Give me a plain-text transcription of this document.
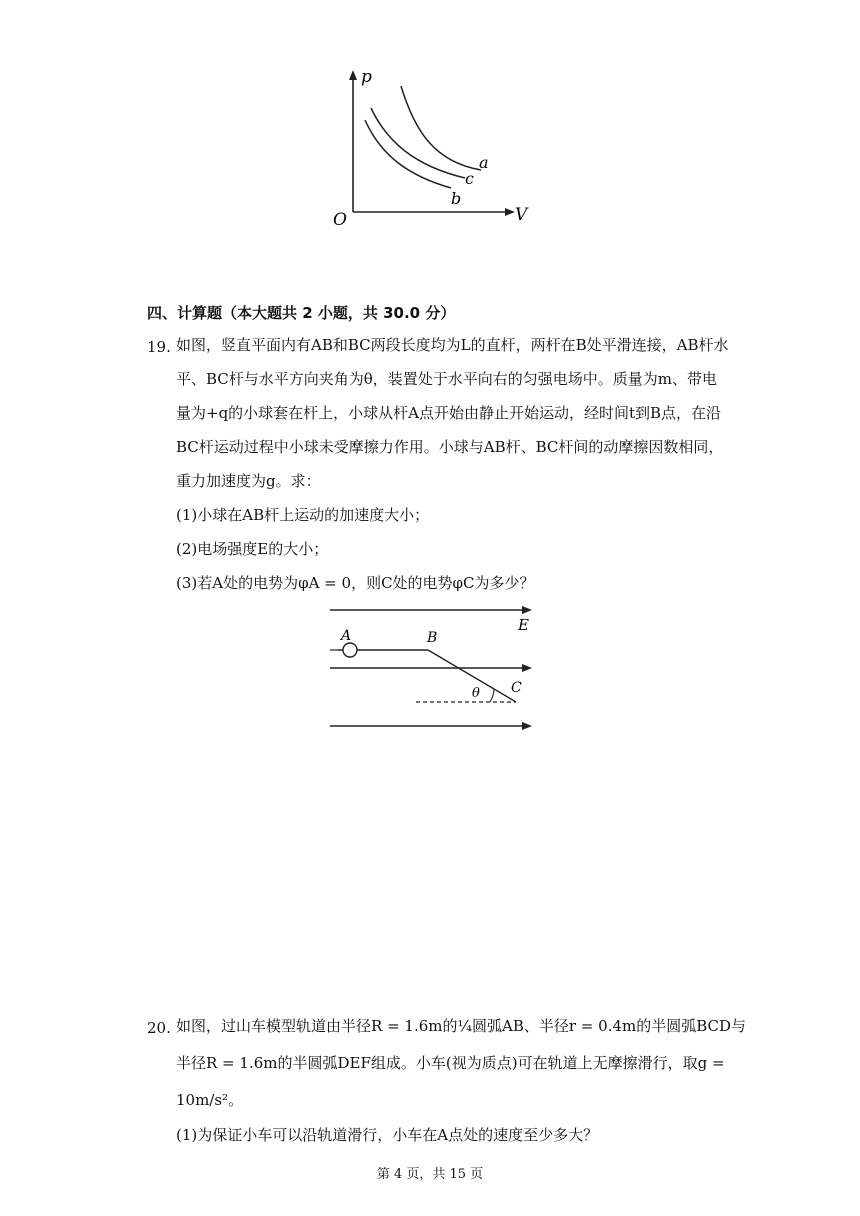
p
V
O
a
c
b
四、计算题（本大题共 2 小题，共 30.0 分）
19. 如图，竖直平面内有AB和BC两段长度均为L的直杆，两杆在B处平滑连接，AB杆水
平、BC杆与水平方向夹角为θ，装置处于水平向右的匀强电场中。质量为m、带电
量为+q的小球套在杆上，小球从杆A点开始由静止开始运动，经时间t到B点，在沿
BC杆运动过程中小球未受摩擦力作用。小球与AB杆、BC杆间的动摩擦因数相同，
重力加速度为g。求：
(1)小球在AB杆上运动的加速度大小；
(2)电场强度E的大小；
(3)若A处的电势为φA = 0，则C处的电势φC为多少？
E
A	B
θ C
20. 如图，过山车模型轨道由半径R = 1.6m的¼圆弧AB、半径r = 0.4m的半圆弧BCD与
半径R = 1.6m的半圆弧DEF组成。小车(视为质点)可在轨道上无摩擦滑行，取g =
10m/s²。
(1)为保证小车可以沿轨道滑行，小车在A点处的速度至少多大？
第 4 页，共 15 页
